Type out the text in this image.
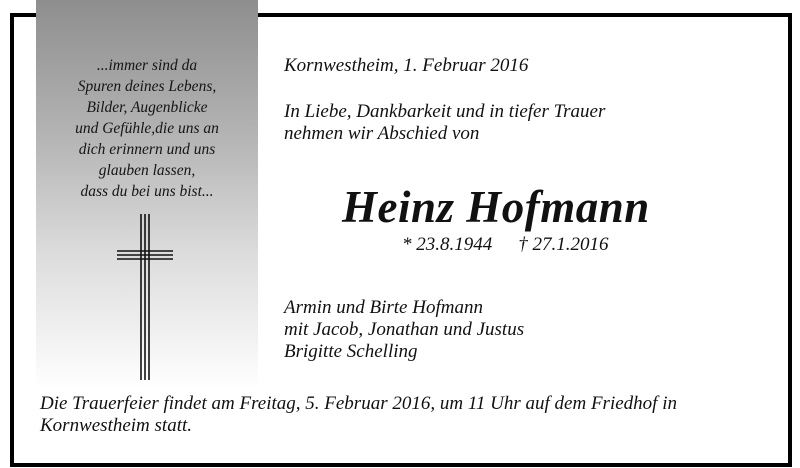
...immer sind da
Spuren deines Lebens,
Bilder, Augenblicke
und Gefühle,die uns an
dich erinnern und uns
glauben lassen,
dass du bei uns bist...
Kornwestheim, 1. Februar 2016
In Liebe, Dankbarkeit und in tiefer Trauer
nehmen wir Abschied von
Heinz Hofmann
* 23.8.1944 † 27.1.2016
Armin und Birte Hofmann
mit Jacob, Jonathan und Justus
Brigitte Schelling
Die Trauerfeier findet am Freitag, 5. Februar 2016, um 11 Uhr auf dem Friedhof in
Kornwestheim statt.
